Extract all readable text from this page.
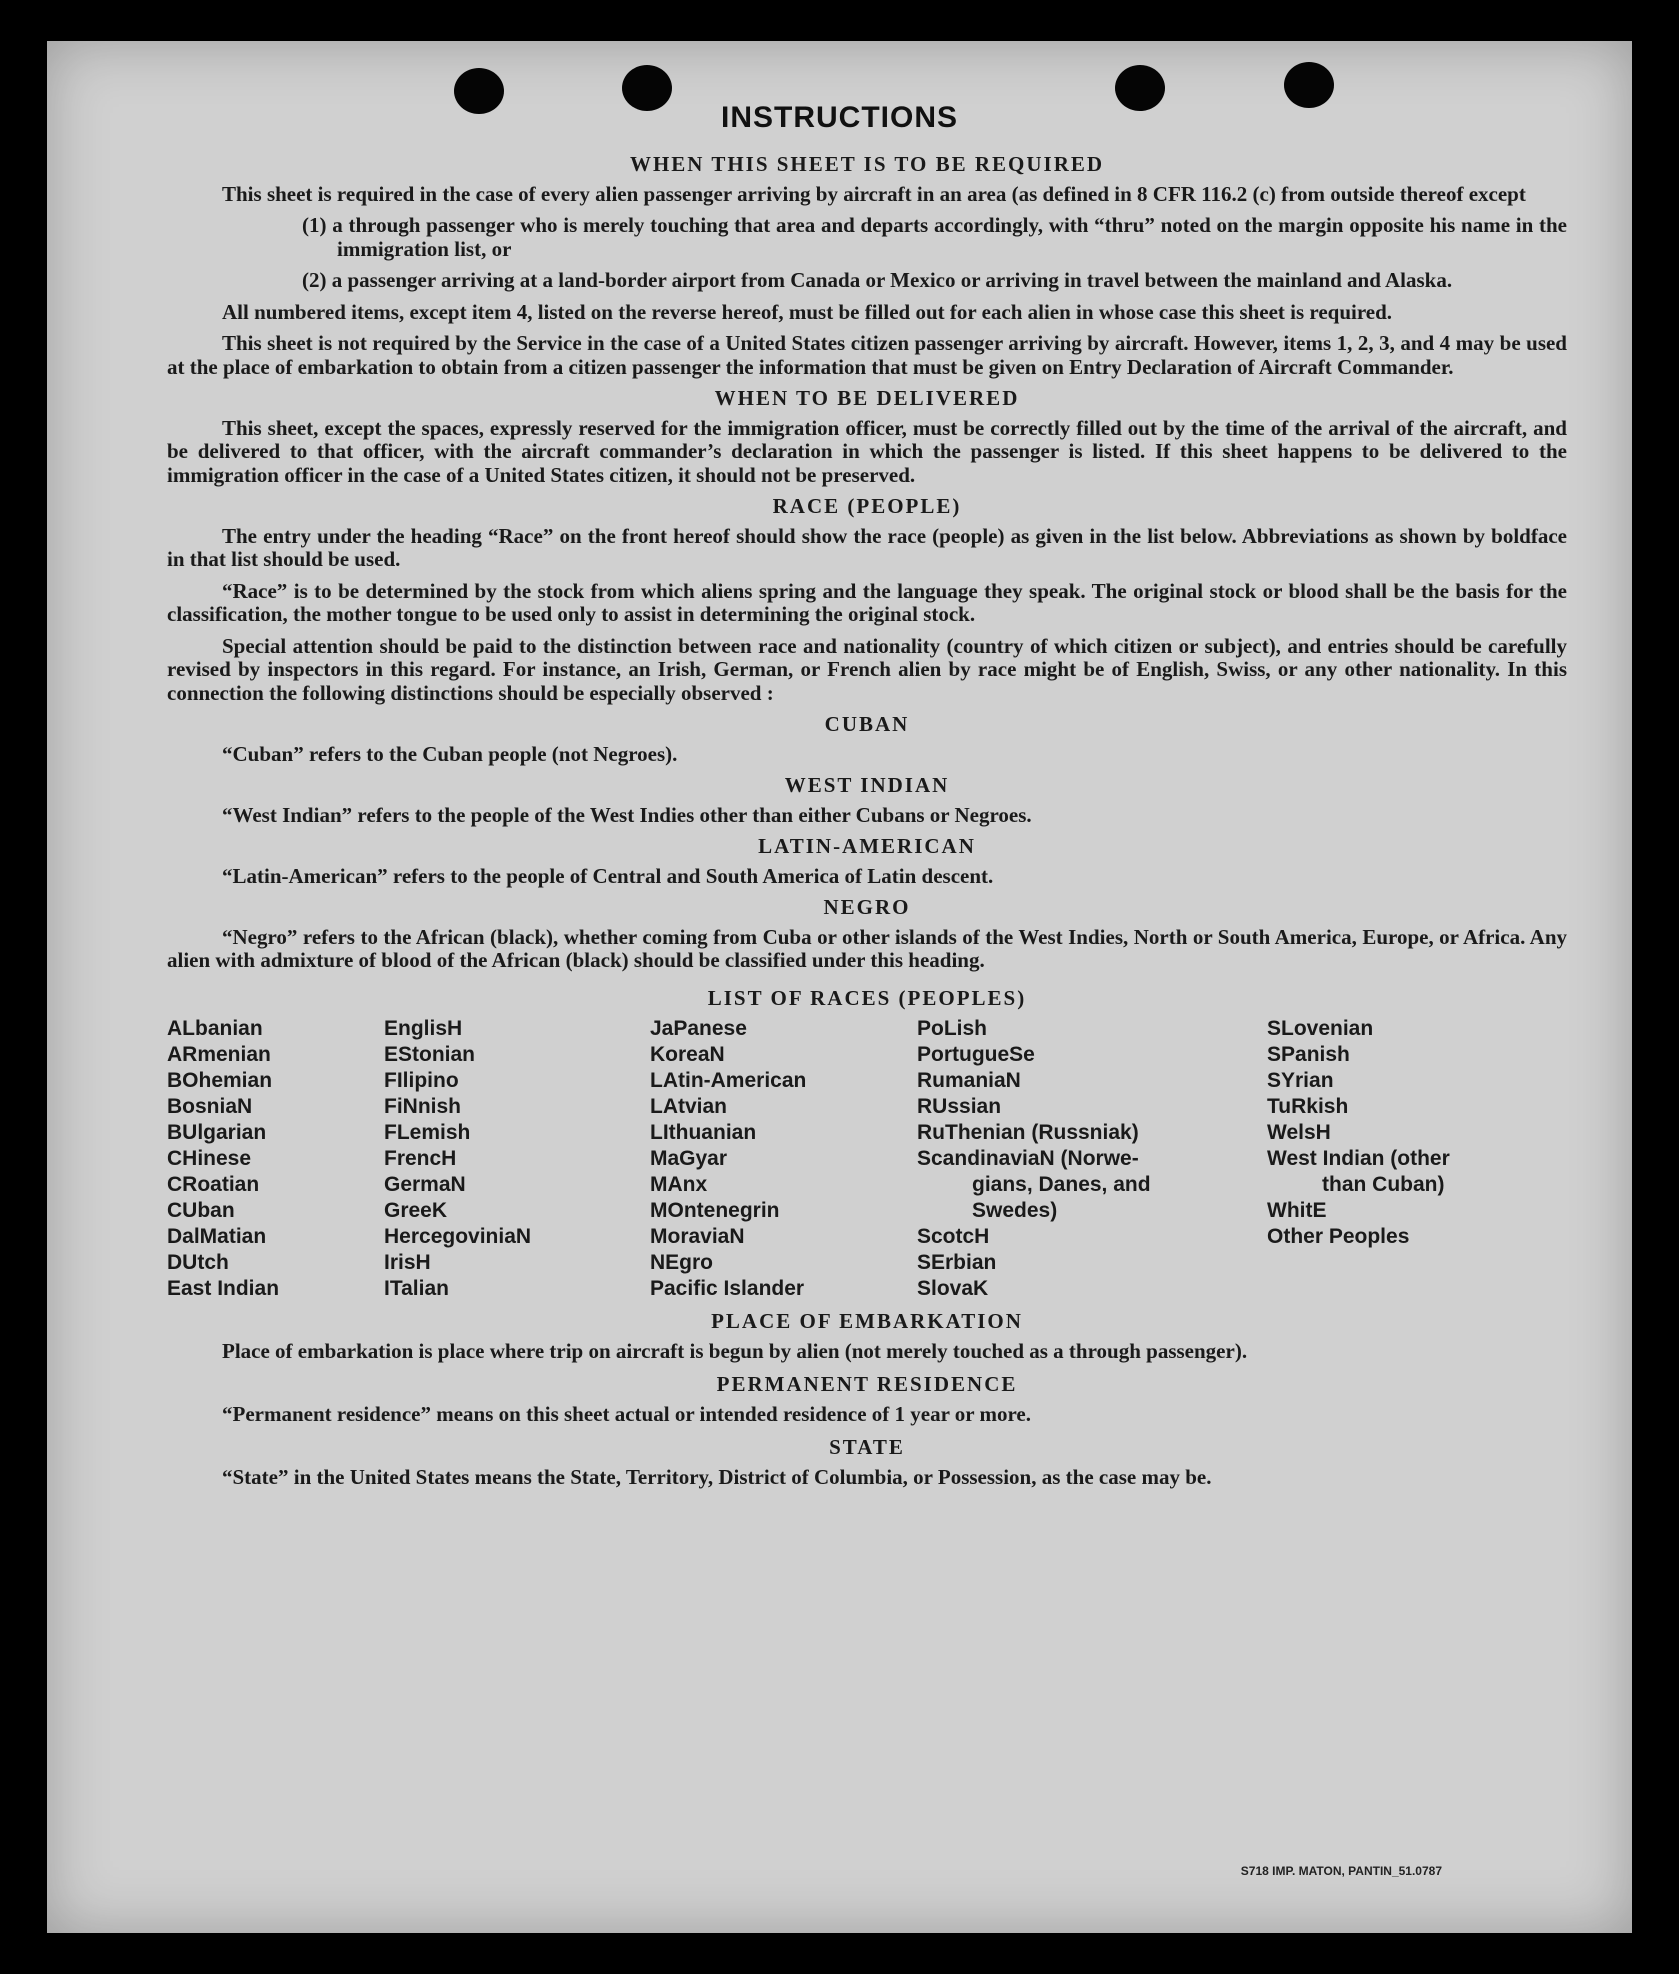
INSTRUCTIONS
WHEN THIS SHEET IS TO BE REQUIRED
This sheet is required in the case of every alien passenger arriving by aircraft in an area (as defined in 8 CFR 116.2 (c) from outside thereof except
(1) a through passenger who is merely touching that area and departs accordingly, with “thru” noted on the margin opposite his name in the immigration list, or
(2) a passenger arriving at a land-border airport from Canada or Mexico or arriving in travel between the mainland and Alaska.
All numbered items, except item 4, listed on the reverse hereof, must be filled out for each alien in whose case this sheet is required.
This sheet is not required by the Service in the case of a United States citizen passenger arriving by aircraft. However, items 1, 2, 3, and 4 may be used at the place of embarkation to obtain from a citizen passenger the information that must be given on Entry Declaration of Aircraft Commander.
WHEN TO BE DELIVERED
This sheet, except the spaces, expressly reserved for the immigration officer, must be correctly filled out by the time of the arrival of the aircraft, and be delivered to that officer, with the aircraft commander’s declaration in which the passenger is listed. If this sheet happens to be delivered to the immigration officer in the case of a United States citizen, it should not be preserved.
RACE (PEOPLE)
The entry under the heading “Race” on the front hereof should show the race (people) as given in the list below. Abbreviations as shown by boldface in that list should be used.
“Race” is to be determined by the stock from which aliens spring and the language they speak. The original stock or blood shall be the basis for the classification, the mother tongue to be used only to assist in determining the original stock.
Special attention should be paid to the distinction between race and nationality (country of which citizen or subject), and entries should be carefully revised by inspectors in this regard. For instance, an Irish, German, or French alien by race might be of English, Swiss, or any other nationality. In this connection the following distinctions should be especially observed :
CUBAN
“Cuban” refers to the Cuban people (not Negroes).
WEST INDIAN
“West Indian” refers to the people of the West Indies other than either Cubans or Negroes.
LATIN-AMERICAN
“Latin-American” refers to the people of Central and South America of Latin descent.
NEGRO
“Negro” refers to the African (black), whether coming from Cuba or other islands of the West Indies, North or South America, Europe, or Africa. Any alien with admixture of blood of the African (black) should be classified under this heading.
LIST OF RACES (PEOPLES)
ALbanian
ARmenian
BOhemian
BosniaN
BUlgarian
CHinese
CRoatian
CUban
DalMatian
DUtch
East Indian
EnglisH
EStonian
FIlipino
FiNnish
FLemish
FrencH
GermaN
GreeK
HercegoviniaN
IrisH
ITalian
JaPanese
KoreaN
LAtin-American
LAtvian
LIthuanian
MaGyar
MAnx
MOntenegrin
MoraviaN
NEgro
Pacific Islander
PoLish
PortugueSe
RumaniaN
RUssian
RuThenian (Russniak)
ScandinaviaN (Norwe-
gians, Danes, and
Swedes)
ScotcH
SErbian
SlovaK
SLovenian
SPanish
SYrian
TuRkish
WelsH
West Indian (other
than Cuban)
WhitE
Other Peoples
PLACE OF EMBARKATION
Place of embarkation is place where trip on aircraft is begun by alien (not merely touched as a through passenger).
PERMANENT RESIDENCE
“Permanent residence” means on this sheet actual or intended residence of 1 year or more.
STATE
“State” in the United States means the State, Territory, District of Columbia, or Possession, as the case may be.
S718 IMP. MATON, PANTIN_51.0787
